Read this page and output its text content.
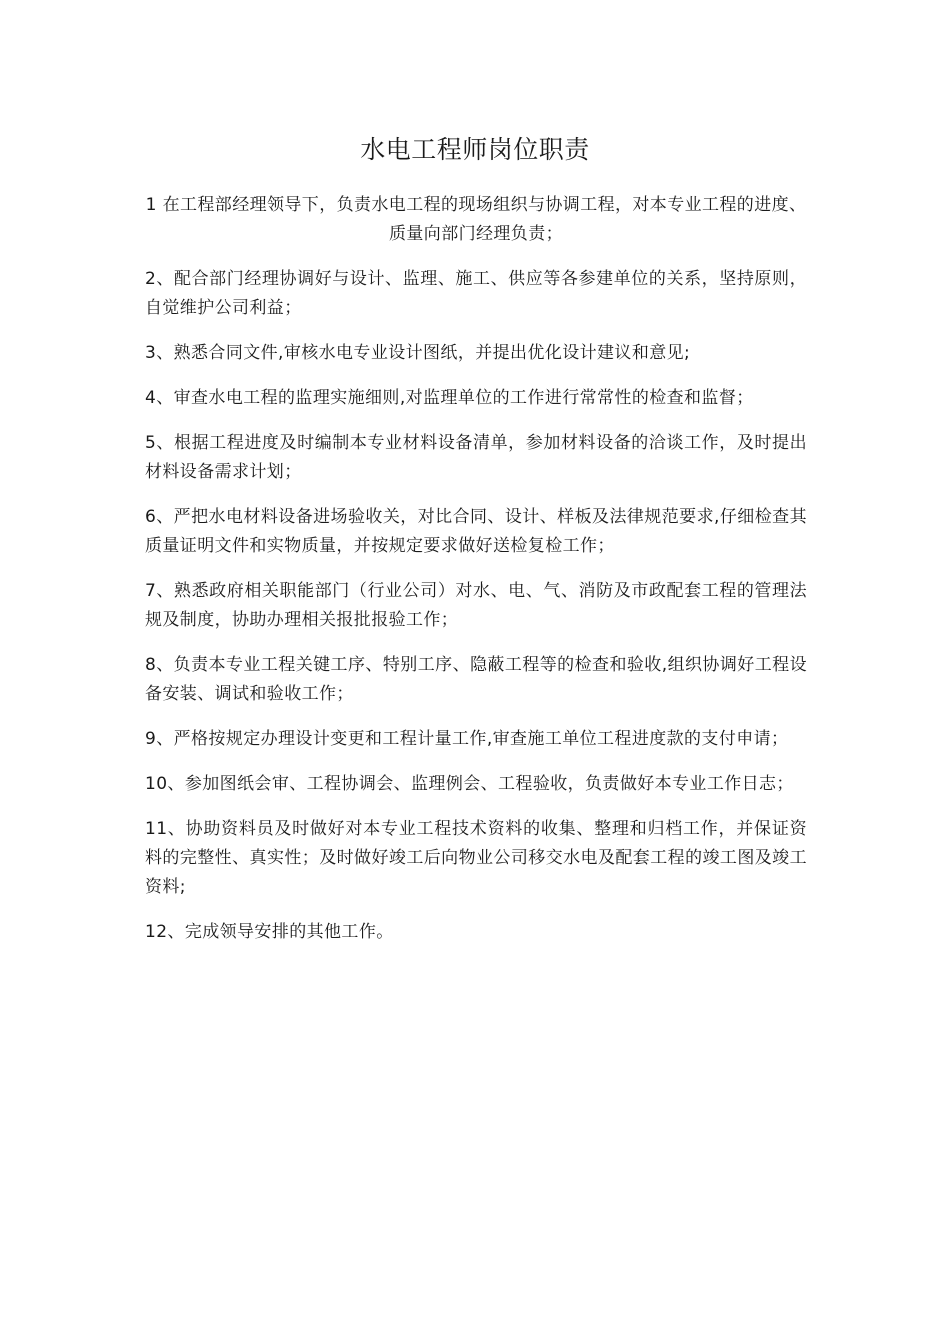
水电工程师岗位职责

1 在工程部经理领导下，负责水电工程的现场组织与协调工程，对本专业工程的进度、质量向部门经理负责；

2、配合部门经理协调好与设计、监理、施工、供应等各参建单位的关系，坚持原则，自觉维护公司利益；

3、熟悉合同文件,审核水电专业设计图纸，并提出优化设计建议和意见;

4、审查水电工程的监理实施细则,对监理单位的工作进行常常性的检查和监督；

5、根据工程进度及时编制本专业材料设备清单，参加材料设备的洽谈工作，及时提出材料设备需求计划；

6、严把水电材料设备进场验收关，对比合同、设计、样板及法律规范要求,仔细检查其质量证明文件和实物质量，并按规定要求做好送检复检工作；

7、熟悉政府相关职能部门（行业公司）对水、电、气、消防及市政配套工程的管理法规及制度，协助办理相关报批报验工作；

8、负责本专业工程关键工序、特别工序、隐蔽工程等的检查和验收,组织协调好工程设备安装、调试和验收工作；

9、严格按规定办理设计变更和工程计量工作,审查施工单位工程进度款的支付申请；

10、参加图纸会审、工程协调会、监理例会、工程验收，负责做好本专业工作日志；

11、协助资料员及时做好对本专业工程技术资料的收集、整理和归档工作，并保证资料的完整性、真实性；及时做好竣工后向物业公司移交水电及配套工程的竣工图及竣工资料;

12、完成领导安排的其他工作。
